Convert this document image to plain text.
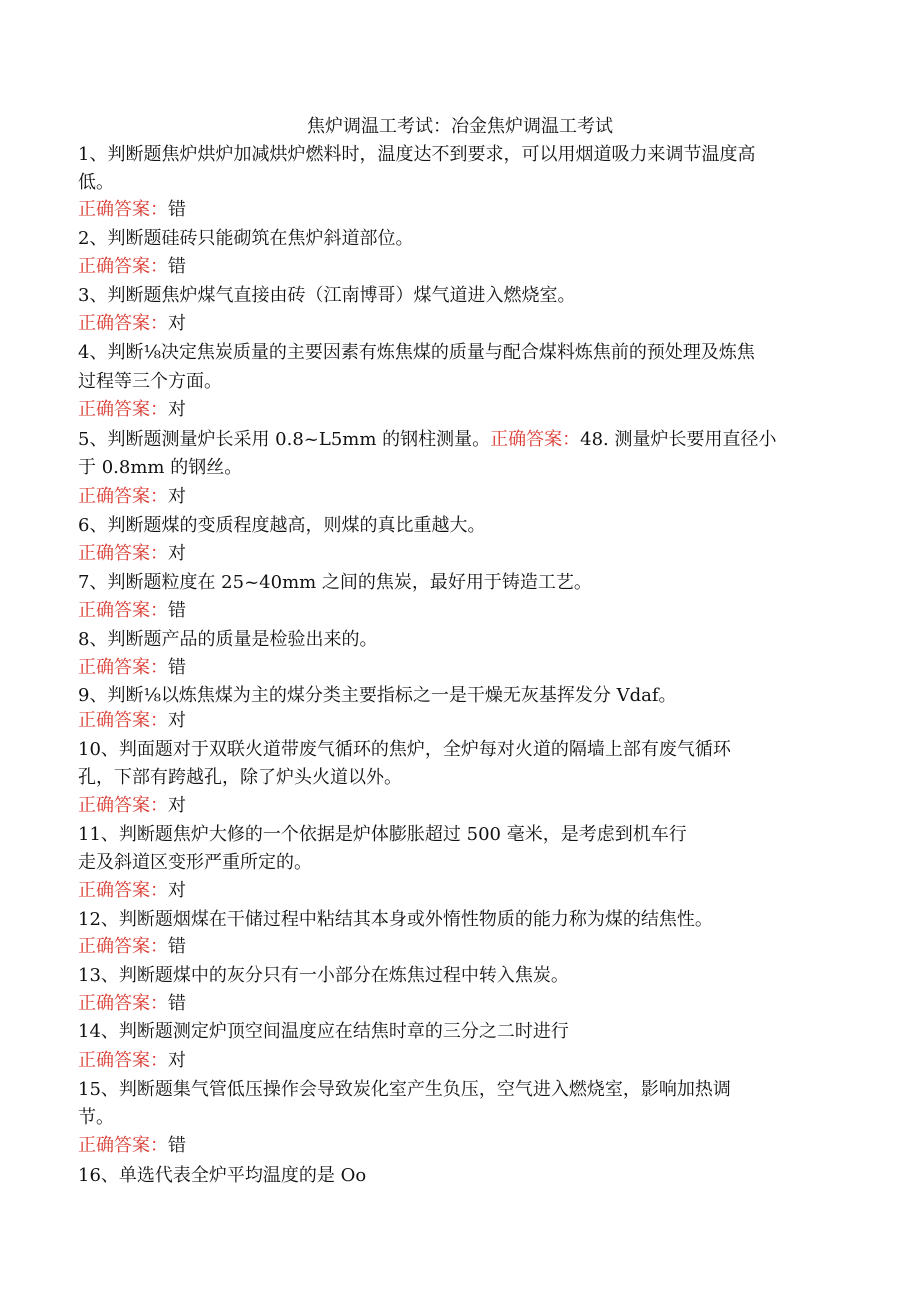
焦炉调温工考试：冶金焦炉调温工考试
1、判断题焦炉烘炉加减烘炉燃料时，温度达不到要求，可以用烟道吸力来调节温度高
低。
正确答案：错
2、判断题硅砖只能砌筑在焦炉斜道部位。
正确答案：错
3、判断题焦炉煤气直接由砖（江南博哥）煤气道进入燃烧室。
正确答案：对
4、判断⅛决定焦炭质量的主要因素有炼焦煤的质量与配合煤料炼焦前的预处理及炼焦
过程等三个方面。
正确答案：对
5、判断题测量炉长采用 0.8~L5mm 的钢柱测量。正确答案：48. 测量炉长要用直径小
于 0.8mm 的钢丝。
正确答案：对
6、判断题煤的变质程度越高，则煤的真比重越大。
正确答案：对
7、判断题粒度在 25~40mm 之间的焦炭，最好用于铸造工艺。
正确答案：错
8、判断题产品的质量是检验出来的。
正确答案：错
9、判断⅛以炼焦煤为主的煤分类主要指标之一是干燥无灰基挥发分 Vdaf。
正确答案：对
10、判面题对于双联火道带废气循环的焦炉，全炉每对火道的隔墙上部有废气循环
孔，下部有跨越孔，除了炉头火道以外。
正确答案：对
11、判断题焦炉大修的一个依据是炉体膨胀超过 500 毫米，是考虑到机车行
走及斜道区变形严重所定的。
正确答案：对
12、判断题烟煤在干储过程中粘结其本身或外惰性物质的能力称为煤的结焦性。
正确答案：错
13、判断题煤中的灰分只有一小部分在炼焦过程中转入焦炭。
正确答案：错
14、判断题测定炉顶空间温度应在结焦时章的三分之二时进行
正确答案：对
15、判断题集气管低压操作会导致炭化室产生负压，空气进入燃烧室，影响加热调
节。
正确答案：错
16、单选代表全炉平均温度的是 Oo
